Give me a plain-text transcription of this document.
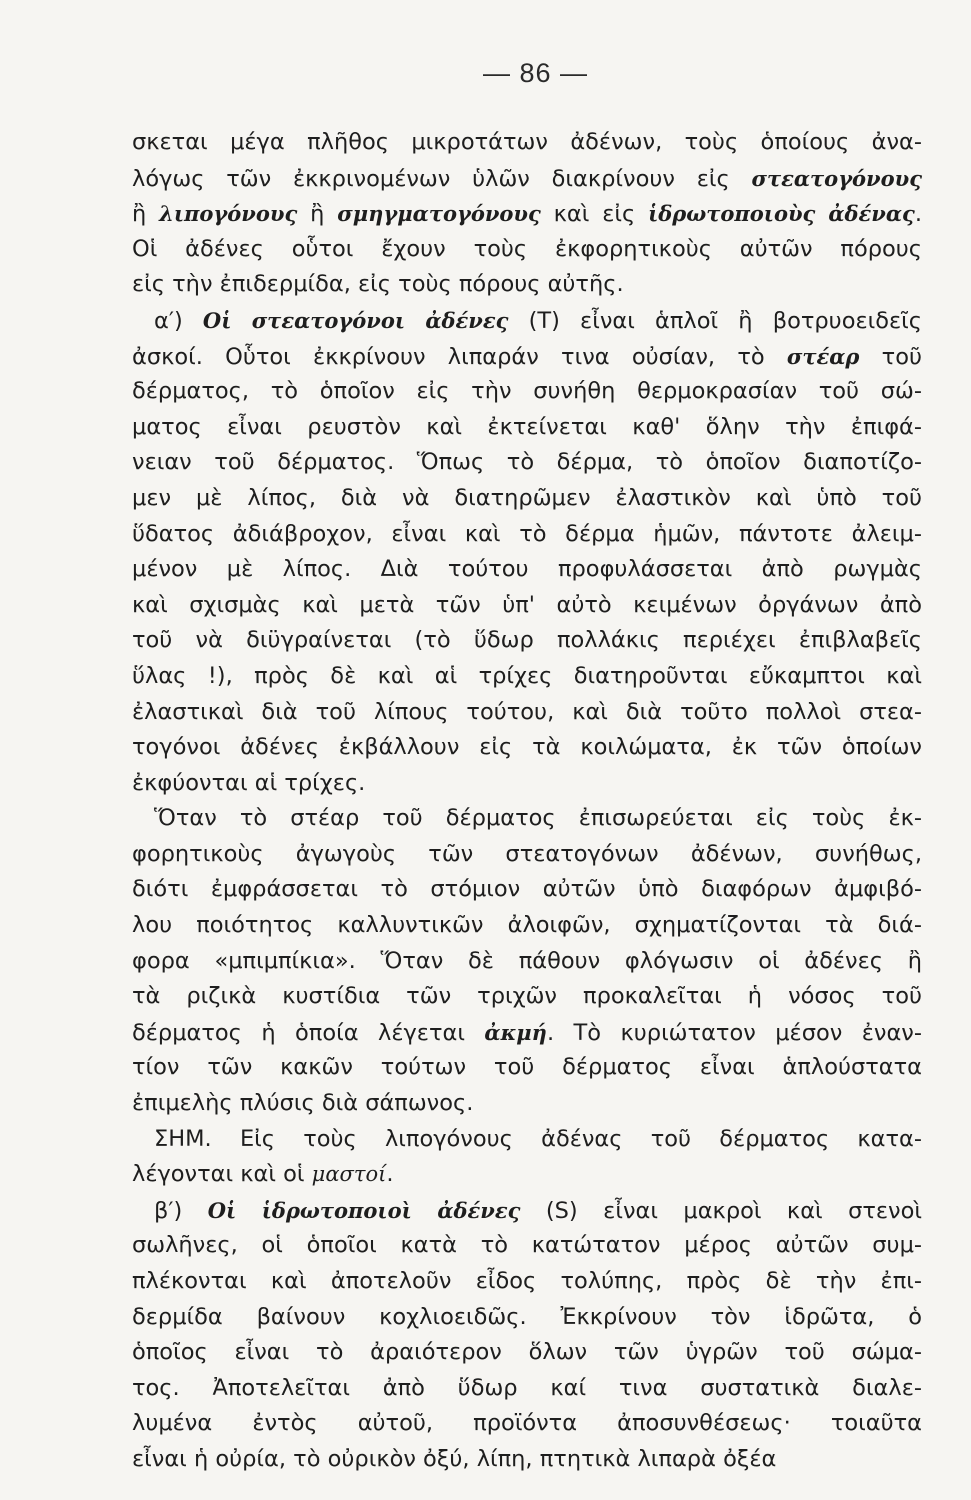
— 86 —
σκεται μέγα πλῆθος μικροτάτων ἀδένων, τοὺς ὁποίους ἀνα-
λόγως τῶν ἐκκρινομένων ὑλῶν διακρίνουν εἰς στεατογόνους
ἢ λιπογόνους ἢ σμηγματογόνους καὶ εἰς ἱδρωτοποιοὺς ἀδένας.
Οἱ ἀδένες οὗτοι ἔχουν τοὺς ἐκφορητικοὺς αὐτῶν πόρους
εἰς τὴν ἐπιδερμίδα, εἰς τοὺς πόρους αὐτῆς.
α′) Οἱ στεατογόνοι ἀδένες (Τ) εἶναι ἁπλοῖ ἢ βοτρυοειδεῖς
ἀσκοί. Οὗτοι ἐκκρίνουν λιπαράν τινα οὐσίαν, τὸ στέαρ τοῦ
δέρματος, τὸ ὁποῖον εἰς τὴν συνήθη θερμοκρασίαν τοῦ σώ-
ματος εἶναι ρευστὸν καὶ ἐκτείνεται καθ' ὅλην τὴν ἐπιφά-
νειαν τοῦ δέρματος. Ὅπως τὸ δέρμα, τὸ ὁποῖον διαποτίζο-
μεν μὲ λίπος, διὰ νὰ διατηρῶμεν ἐλαστικὸν καὶ ὑπὸ τοῦ
ὕδατος ἀδιάβροχον, εἶναι καὶ τὸ δέρμα ἡμῶν, πάντοτε ἀλειμ-
μένον μὲ λίπος. Διὰ τούτου προφυλάσσεται ἀπὸ ρωγμὰς
καὶ σχισμὰς καὶ μετὰ τῶν ὑπ' αὐτὸ κειμένων ὀργάνων ἀπὸ
τοῦ νὰ διϋγραίνεται (τὸ ὕδωρ πολλάκις περιέχει ἐπιβλαβεῖς
ὕλας !), πρὸς δὲ καὶ αἱ τρίχες διατηροῦνται εὔκαμπτοι καὶ
ἐλαστικαὶ διὰ τοῦ λίπους τούτου, καὶ διὰ τοῦτο πολλοὶ στεα-
τογόνοι ἀδένες ἐκβάλλουν εἰς τὰ κοιλώματα, ἐκ τῶν ὁποίων
ἐκφύονται αἱ τρίχες.
Ὅταν τὸ στέαρ τοῦ δέρματος ἐπισωρεύεται εἰς τοὺς ἐκ-
φορητικοὺς ἀγωγοὺς τῶν στεατογόνων ἀδένων, συνήθως,
διότι ἐμφράσσεται τὸ στόμιον αὐτῶν ὑπὸ διαφόρων ἀμφιβό-
λου ποιότητος καλλυντικῶν ἀλοιφῶν, σχηματίζονται τὰ διά-
φορα «μπιμπίκια». Ὅταν δὲ πάθουν φλόγωσιν οἱ ἀδένες ἢ
τὰ ριζικὰ κυστίδια τῶν τριχῶν προκαλεῖται ἡ νόσος τοῦ
δέρματος ἡ ὁποία λέγεται ἀκμή. Τὸ κυριώτατον μέσον ἐναν-
τίον τῶν κακῶν τούτων τοῦ δέρματος εἶναι ἁπλούστατα
ἐπιμελὴς πλύσις διὰ σάπωνος.
ΣΗΜ. Εἰς τοὺς λιπογόνους ἀδένας τοῦ δέρματος κατα-
λέγονται καὶ οἱ μαστοί.
β′) Οἱ ἱδρωτοποιοὶ ἀδένες (S) εἶναι μακροὶ καὶ στενοὶ
σωλῆνες, οἱ ὁποῖοι κατὰ τὸ κατώτατον μέρος αὐτῶν συμ-
πλέκονται καὶ ἀποτελοῦν εἶδος τολύπης, πρὸς δὲ τὴν ἐπι-
δερμίδα βαίνουν κοχλιοειδῶς. Ἐκκρίνουν τὸν ἱδρῶτα, ὁ
ὁποῖος εἶναι τὸ ἀραιότερον ὅλων τῶν ὑγρῶν τοῦ σώμα-
τος. Ἀποτελεῖται ἀπὸ ὕδωρ καί τινα συστατικὰ διαλε-
λυμένα ἐντὸς αὐτοῦ, προϊόντα ἀποσυνθέσεως· τοιαῦτα
εἶναι ἡ οὐρία, τὸ οὐρικὸν ὀξύ, λίπη, πτητικὰ λιπαρὰ ὀξέα
